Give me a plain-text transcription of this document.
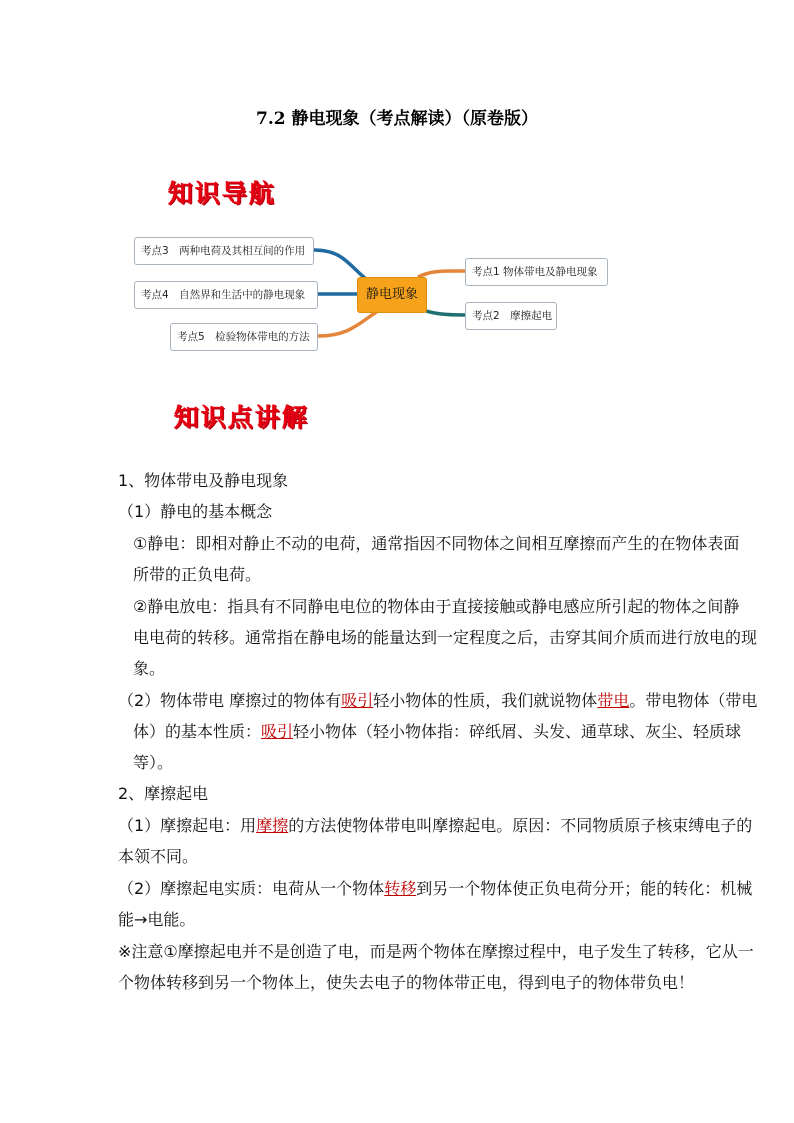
7.2 静电现象（考点解读）（原卷版）
知识导航
考点3　两种电荷及其相互间的作用
考点4　自然界和生活中的静电现象
考点5　检验物体带电的方法
静电现象
考点1 物体带电及静电现象
考点2　摩擦起电
知识点讲解
1、物体带电及静电现象
（1）静电的基本概念
①静电：即相对静止不动的电荷，通常指因不同物体之间相互摩擦而产生的在物体表面
所带的正负电荷。
②静电放电：指具有不同静电电位的物体由于直接接触或静电感应所引起的物体之间静
电电荷的转移。通常指在静电场的能量达到一定程度之后，击穿其间介质而进行放电的现
象。
（2）物体带电 摩擦过的物体有吸引轻小物体的性质，我们就说物体带电。带电物体（带电
体）的基本性质：吸引轻小物体（轻小物体指：碎纸屑、头发、通草球、灰尘、轻质球
等）。
2、摩擦起电
（1）摩擦起电：用摩擦的方法使物体带电叫摩擦起电。原因：不同物质原子核束缚电子的
本领不同。
（2）摩擦起电实质：电荷从一个物体转移到另一个物体使正负电荷分开；能的转化：机械
能→电能。
※注意①摩擦起电并不是创造了电，而是两个物体在摩擦过程中，电子发生了转移，它从一
个物体转移到另一个物体上，使失去电子的物体带正电，得到电子的物体带负电！
